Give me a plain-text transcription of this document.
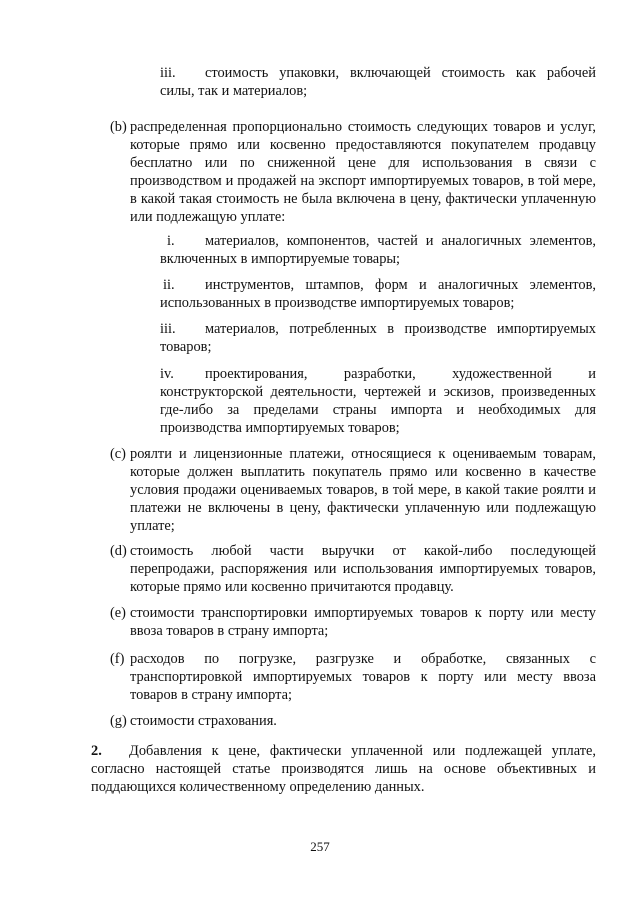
iii.	стоимость упаковки, включающей стоимость как рабочей силы, так и материалов;
(b) распределенная пропорционально стоимость следующих товаров и услуг, которые прямо или косвенно предоставляются покупателем продавцу бесплатно или по сниженной цене для использования в связи с производством и продажей на экспорт импортируемых товаров, в той мере, в какой такая стоимость не была включена в цену, фактически уплаченную или подлежащую уплате:
i.	материалов, компонентов, частей и аналогичных элементов, включенных в импортируемые товары;
ii.	инструментов, штампов, форм и аналогичных элементов, использованных в производстве импортируемых товаров;
iii.	материалов, потребленных в производстве импортируемых товаров;
iv.	проектирования, разработки, художественной и конструкторской деятельности, чертежей и эскизов, произведенных где-либо за пределами страны импорта и необходимых для производства импортируемых товаров;
(c) роялти и лицензионные платежи, относящиеся к оцениваемым товарам, которые должен выплатить покупатель прямо или косвенно в качестве условия продажи оцениваемых товаров, в той мере, в какой такие роялти и платежи не включены в цену, фактически уплаченную или подлежащую уплате;
(d) стоимость любой части выручки от какой-либо последующей перепродажи, распоряжения или использования импортируемых товаров, которые прямо или косвенно причитаются продавцу.
(e) стоимости транспортировки импортируемых товаров к порту или месту ввоза товаров в страну импорта;
(f) расходов по погрузке, разгрузке и обработке, связанных с транспортировкой импортируемых товаров к порту или месту ввоза товаров в страну импорта;
(g) стоимости страхования.
2.	Добавления к цене, фактически уплаченной или подлежащей уплате, согласно настоящей статье производятся лишь на основе объективных и поддающихся количественному определению данных.
257
